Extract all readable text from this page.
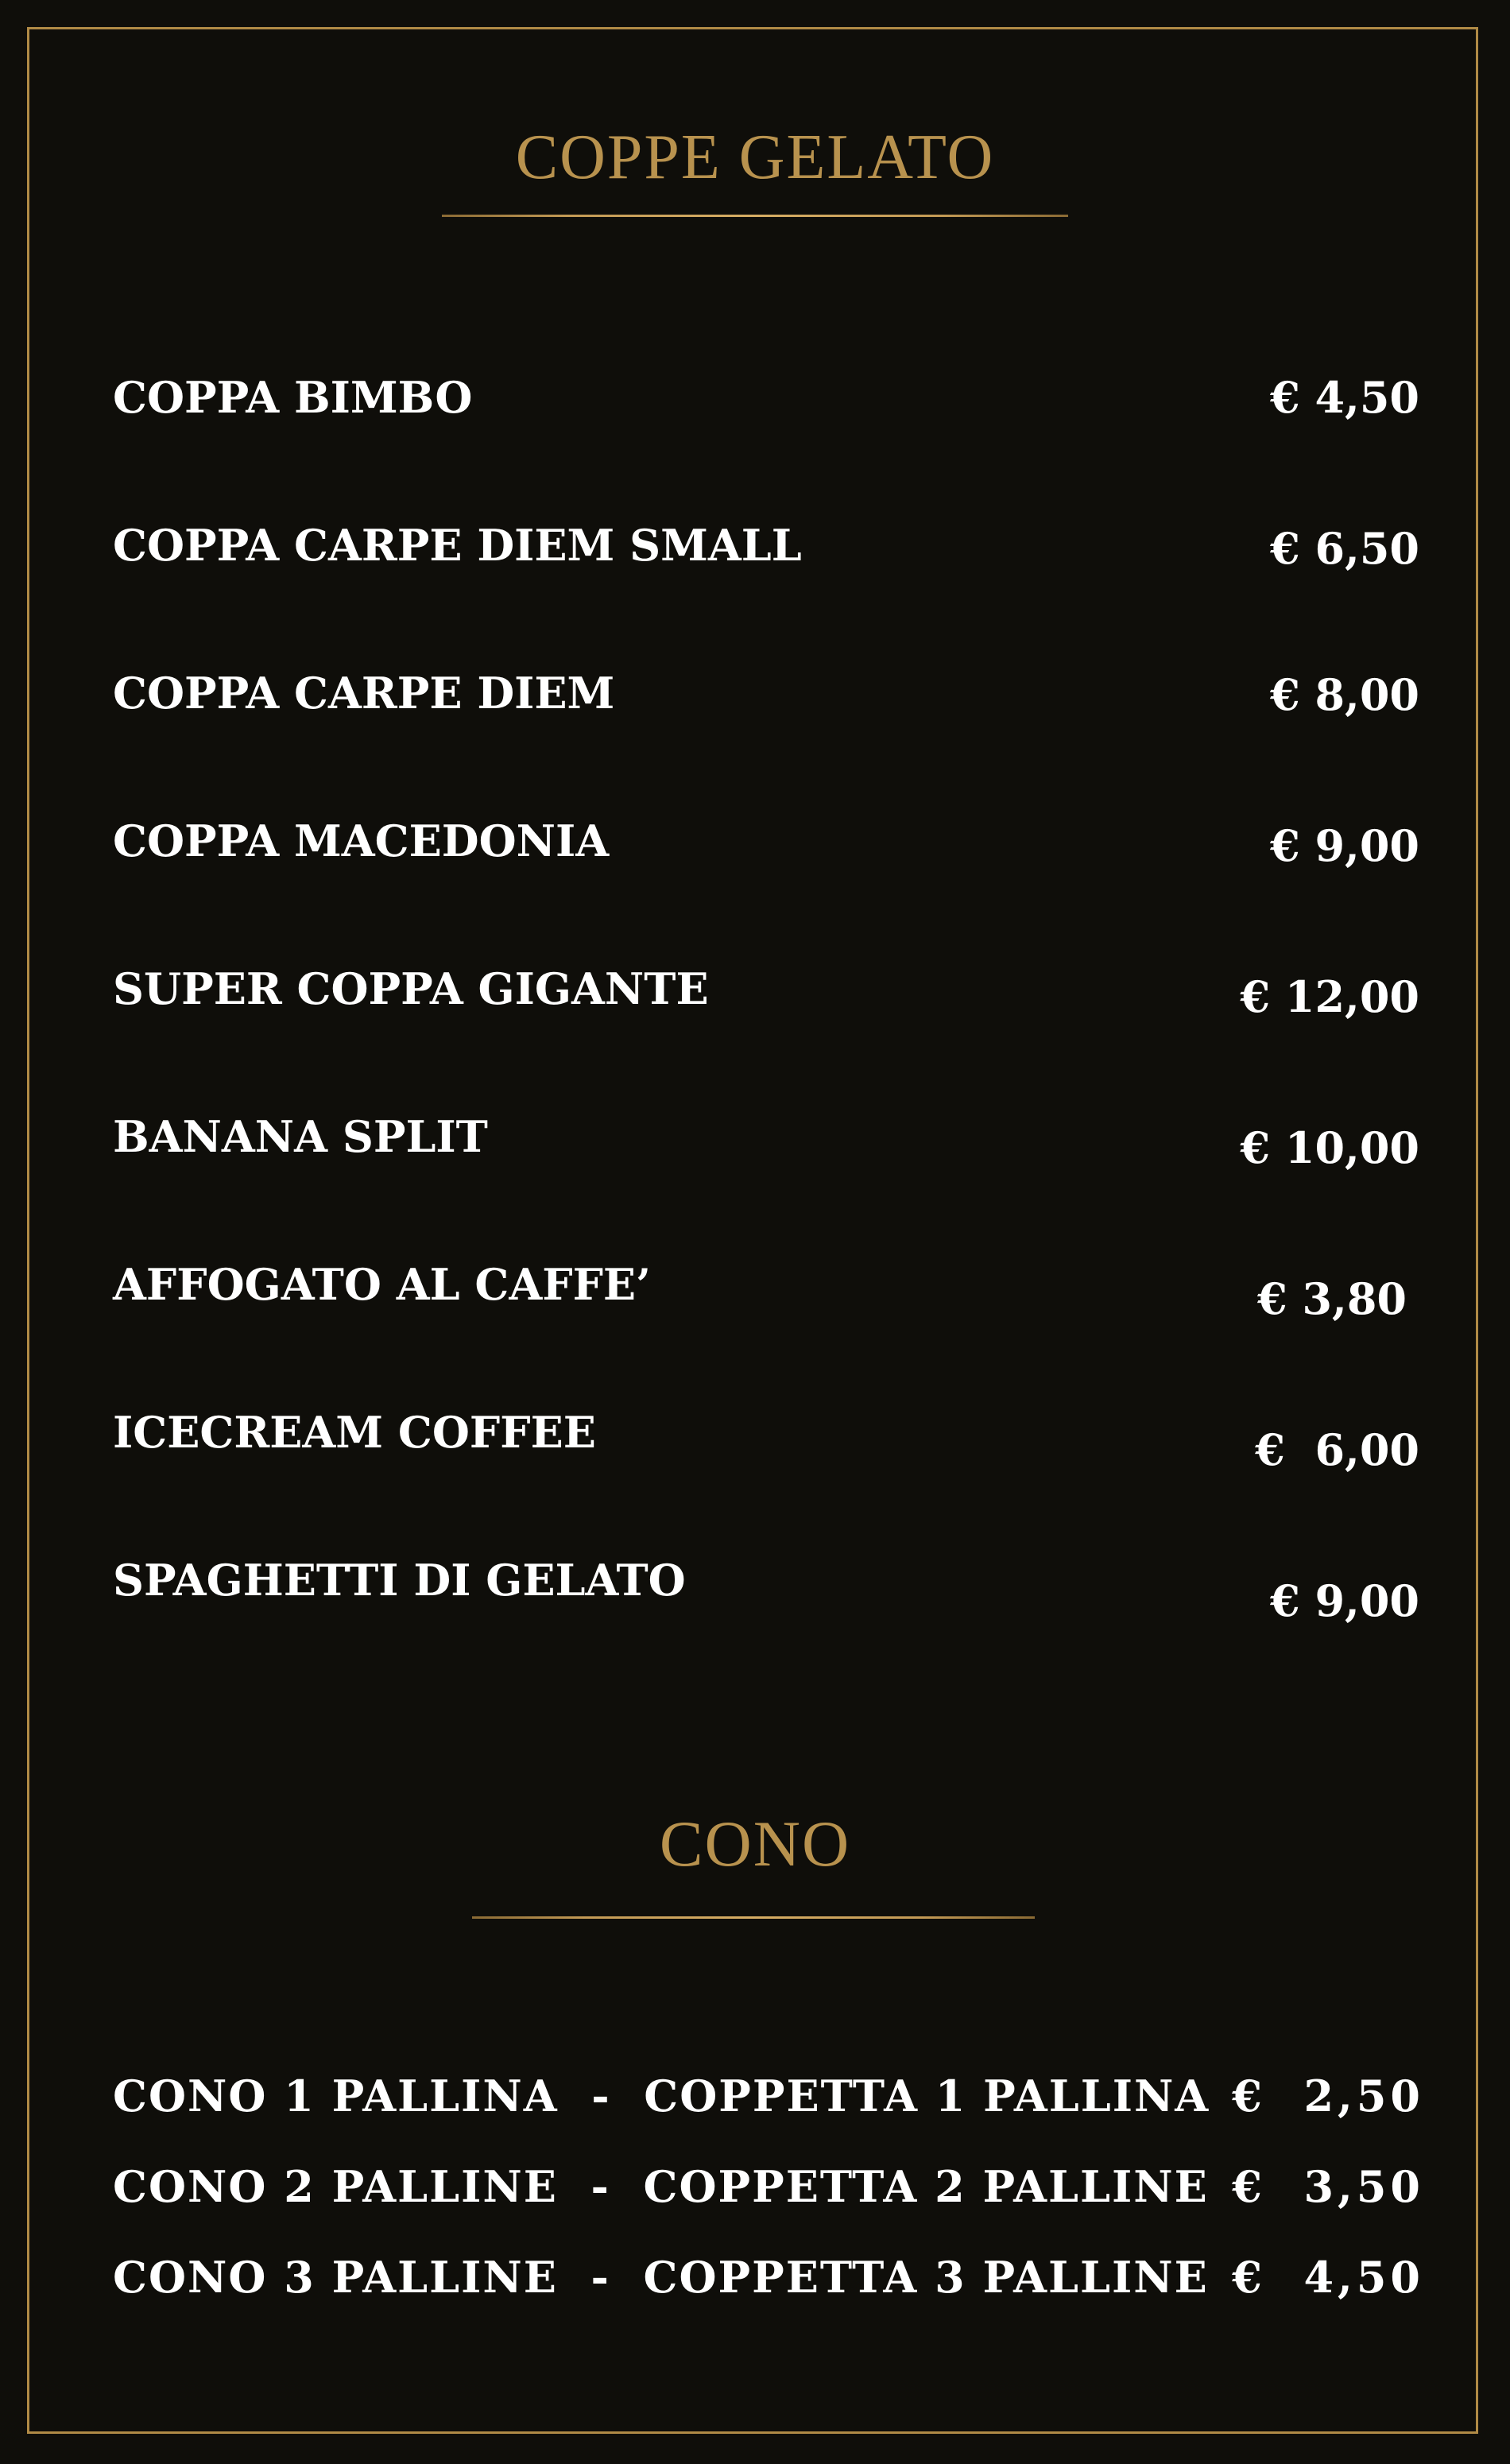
COPPE GELATO
COPPA BIMBO	€ 4,50
COPPA CARPE DIEM SMALL	€ 6,50
COPPA CARPE DIEM	€ 8,00
COPPA MACEDONIA	€ 9,00
SUPER COPPA GIGANTE	€ 12,00
BANANA SPLIT	€ 10,00
AFFOGATO AL CAFFE’	€ 3,80
ICECREAM COFFEE	€  6,00
SPAGHETTI DI GELATO	€ 9,00
CONO
CONO 1 PALLINA  -  COPPETTA 1 PALLINA €  2,50
CONO 2 PALLINE  -  COPPETTA 2 PALLINE €  3,50
CONO 3 PALLINE  -  COPPETTA 3 PALLINE €  4,50
